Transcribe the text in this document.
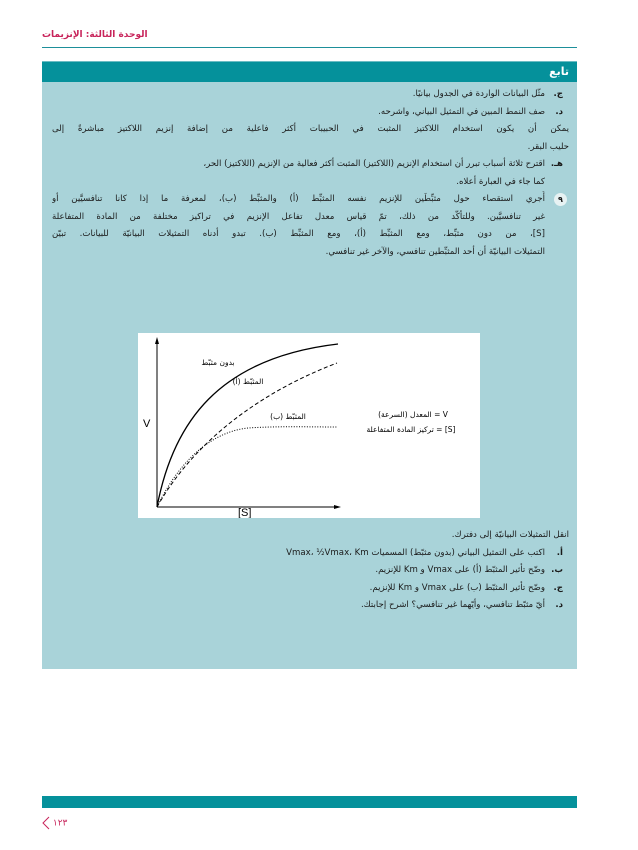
الوحدة الثالثة: الإنزيمات
تابع
ج.مثّل البيانات الواردة في الجدول بيانيًا.
د.صف النمط المبين في التمثيل البياني، واشرحه.
يمكن أن يكون استخدام اللاكتيز المثبت في الحبيبات أكثر فاعلية من إضافة إنزيم اللاكتيز مباشرةً إلى
حليب البقر.
هـ.اقترح ثلاثة أسباب تبرر أن استخدام الإنزيم (اللاكتيز) المثبت أكثر فعالية من الإنزيم (اللاكتيز) الحر،
كما جاء في العبارة أعلاه.
٩
أُجري استقصاء حول مثبِّطَين للإنزيم نفسه المثبِّط (أ) والمثبِّط (ب)، لمعرفة ما إذا كانا تنافسيَّين أو
غير تنافسيَّين. وللتأكّد من ذلك، تمّ قياس معدل تفاعل الإنزيم في تراكيز مختلفة من المادة المتفاعلة
[S]، من دون مثبِّط، ومع المثبِّط (أ)، ومع المثبِّط (ب). تبدو أدناه التمثيلات البيانيّة للبيانات. تبيّن
التمثيلات البيانيّة أن أحد المثبِّطين تنافسي، والآخر غير تنافسي.
V
[S]
بدون مثبّط
المثبّط (أ)
المثبّط (ب)	V = المعدل (السرعة)
[S] = تركيز المادة المتفاعلة
انقل التمثيلات البيانيّة إلى دفترك.
أ.اكتب على التمثيل البياني (بدون مثبّط) المسميات Vmax، ½Vmax، Km
ب.وضّح تأثير المثبّط (أ) على Vmax و Km للإنزيم.
ج.وضّح تأثير المثبّط (ب) على Vmax و Km للإنزيم.
د.أيّ مثبّط تنافسي، وأيّهما غير تنافسي؟ اشرح إجابتك.
١٢٣
